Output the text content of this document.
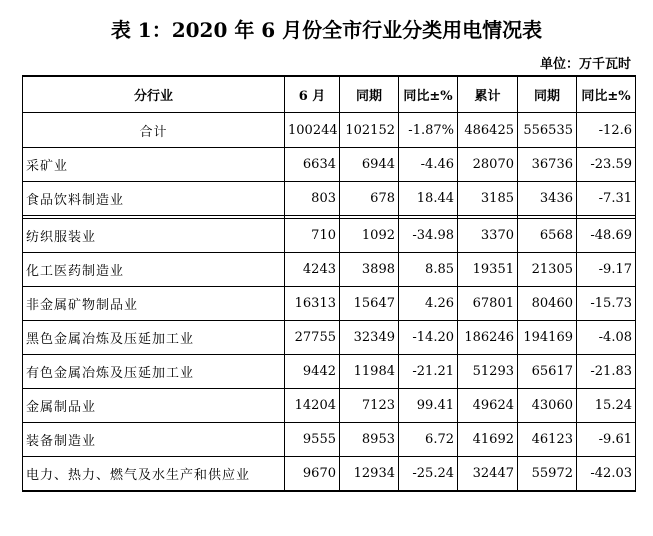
表 1：2020 年 6 月份全市行业分类用电情况表
单位：万千瓦时
分行业	6 月	同期	同比±%	累计	同期	同比±%
合计	100244	102152	-1.87%	486425	556535	-12.6
采矿业	6634	6944	-4.46	28070	36736	-23.59
食品饮料制造业	803	678	18.44	3185	3436	-7.31

纺织服装业	710	1092	-34.98	3370	6568	-48.69
化工医药制造业	4243	3898	8.85	19351	21305	-9.17
非金属矿物制品业	16313	15647	4.26	67801	80460	-15.73
黑色金属冶炼及压延加工业	27755	32349	-14.20	186246	194169	-4.08
有色金属冶炼及压延加工业	9442	11984	-21.21	51293	65617	-21.83
金属制品业	14204	7123	99.41	49624	43060	15.24
装备制造业	9555	8953	6.72	41692	46123	-9.61
电力、热力、燃气及水生产和供应业	9670	12934	-25.24	32447	55972	-42.03
